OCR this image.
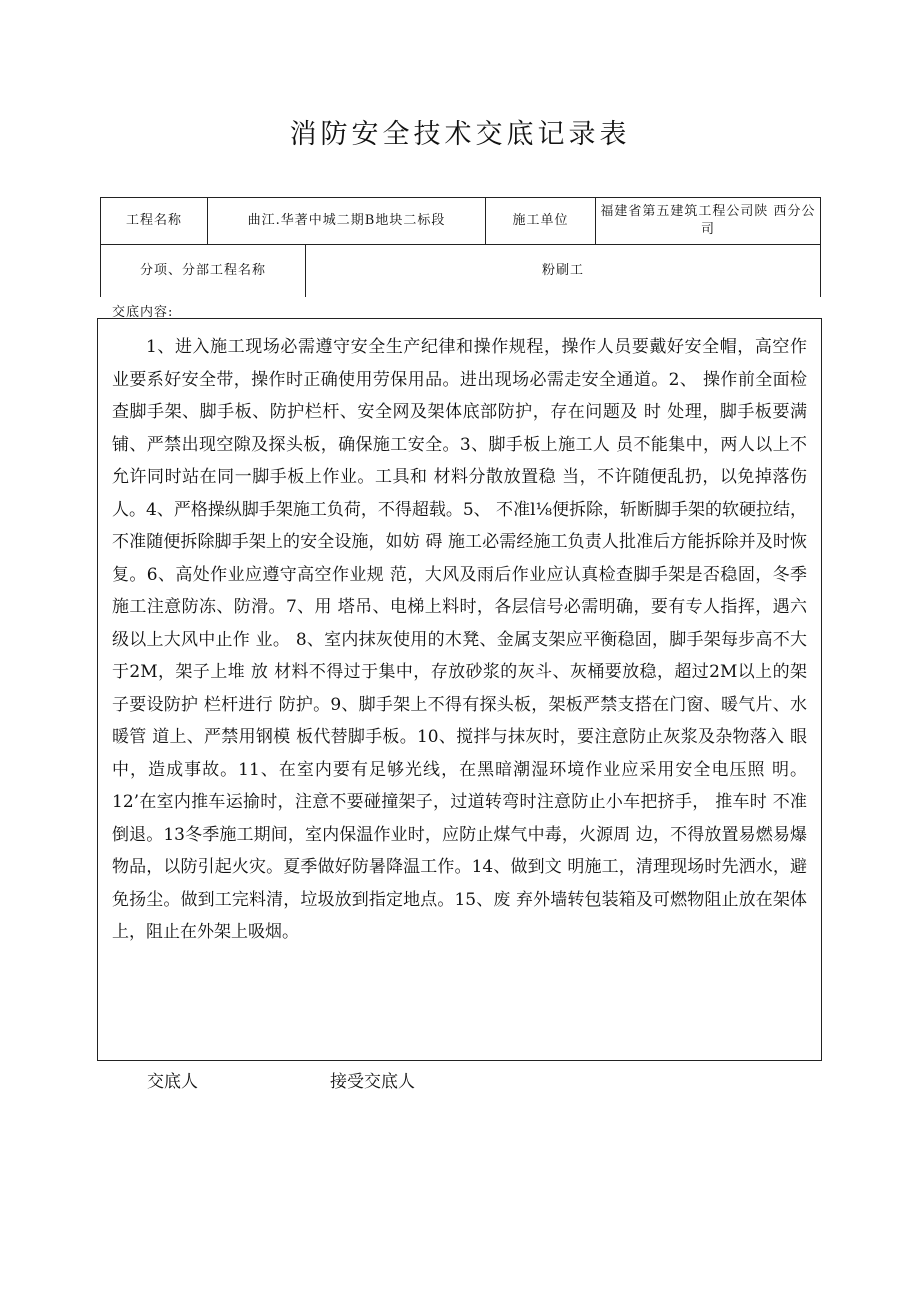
消防安全技术交底记录表
工程名称	曲江.华著中城二期B地块二标段		施工单位	福建省第五建筑工程公司陕 西分公司
分项、分部工程名称		粉刷工		
交底内容:

1、进入施工现场必需遵守安全生产纪律和操作规程，操作人员要戴好安全帽，高空作 业要系好安全带，操作时正确使用劳保用品。进出现场必需走安全通道。2、 操作前全面检查脚手架、脚手板、防护栏杆、安全网及架体底部防护，存在问题及 时 处理，脚手板要满铺、严禁出现空隙及探头板，确保施工安全。3、脚手板上施工人 员不能集中，两人以上不允许同时站在同一脚手板上作业。工具和 材料分散放置稳 当，不许随便乱扔，以免掉落伤人。4、严格操纵脚手架施工负荷，不得超载。5、 不准l⅛便拆除，斩断脚手架的软硬拉结，不准随便拆除脚手架上的安全设施，如妨 碍 施工必需经施工负责人批准后方能拆除并及时恢复。6、高处作业应遵守高空作业规 范，大风及雨后作业应认真检查脚手架是否稳固，冬季 施工注意防冻、防滑。7、用 塔吊、电梯上料时，各层信号必需明确，要有专人指挥，遇六级以上大风中止作 业。 8、室内抹灰使用的木凳、金属支架应平衡稳固，脚手架每步高不大于2M，架子上堆 放 材料不得过于集中，存放砂浆的灰斗、灰桶要放稳，超过2M以上的架子要设防护 栏杆进行 防护。9、脚手架上不得有探头板，架板严禁支搭在门窗、暖气片、水暖管 道上、严禁用钢模 板代替脚手板。10、搅拌与抹灰时，要注意防止灰浆及杂物落入 眼中，造成事故。11、在室内要有足够光线，在黑暗潮湿环境作业应采用安全电压照 明。12’在室内推车运揄时，注意不要碰撞架子，过道转弯时注意防止小车把挤手， 推车时 不准倒退。13冬季施工期间，室内保温作业时，应防止煤气中毒，火源周 边，不得放置易燃易爆 物品，以防引起火灾。夏季做好防暑降温工作。14、做到文 明施工，清理现场时先洒水，避免扬尘。做到工完料清，垃圾放到指定地点。15、废 弃外墙转包装箱及可燃物阻止放在架体上，阻止在外架上吸烟。

交底人	接受交底人
